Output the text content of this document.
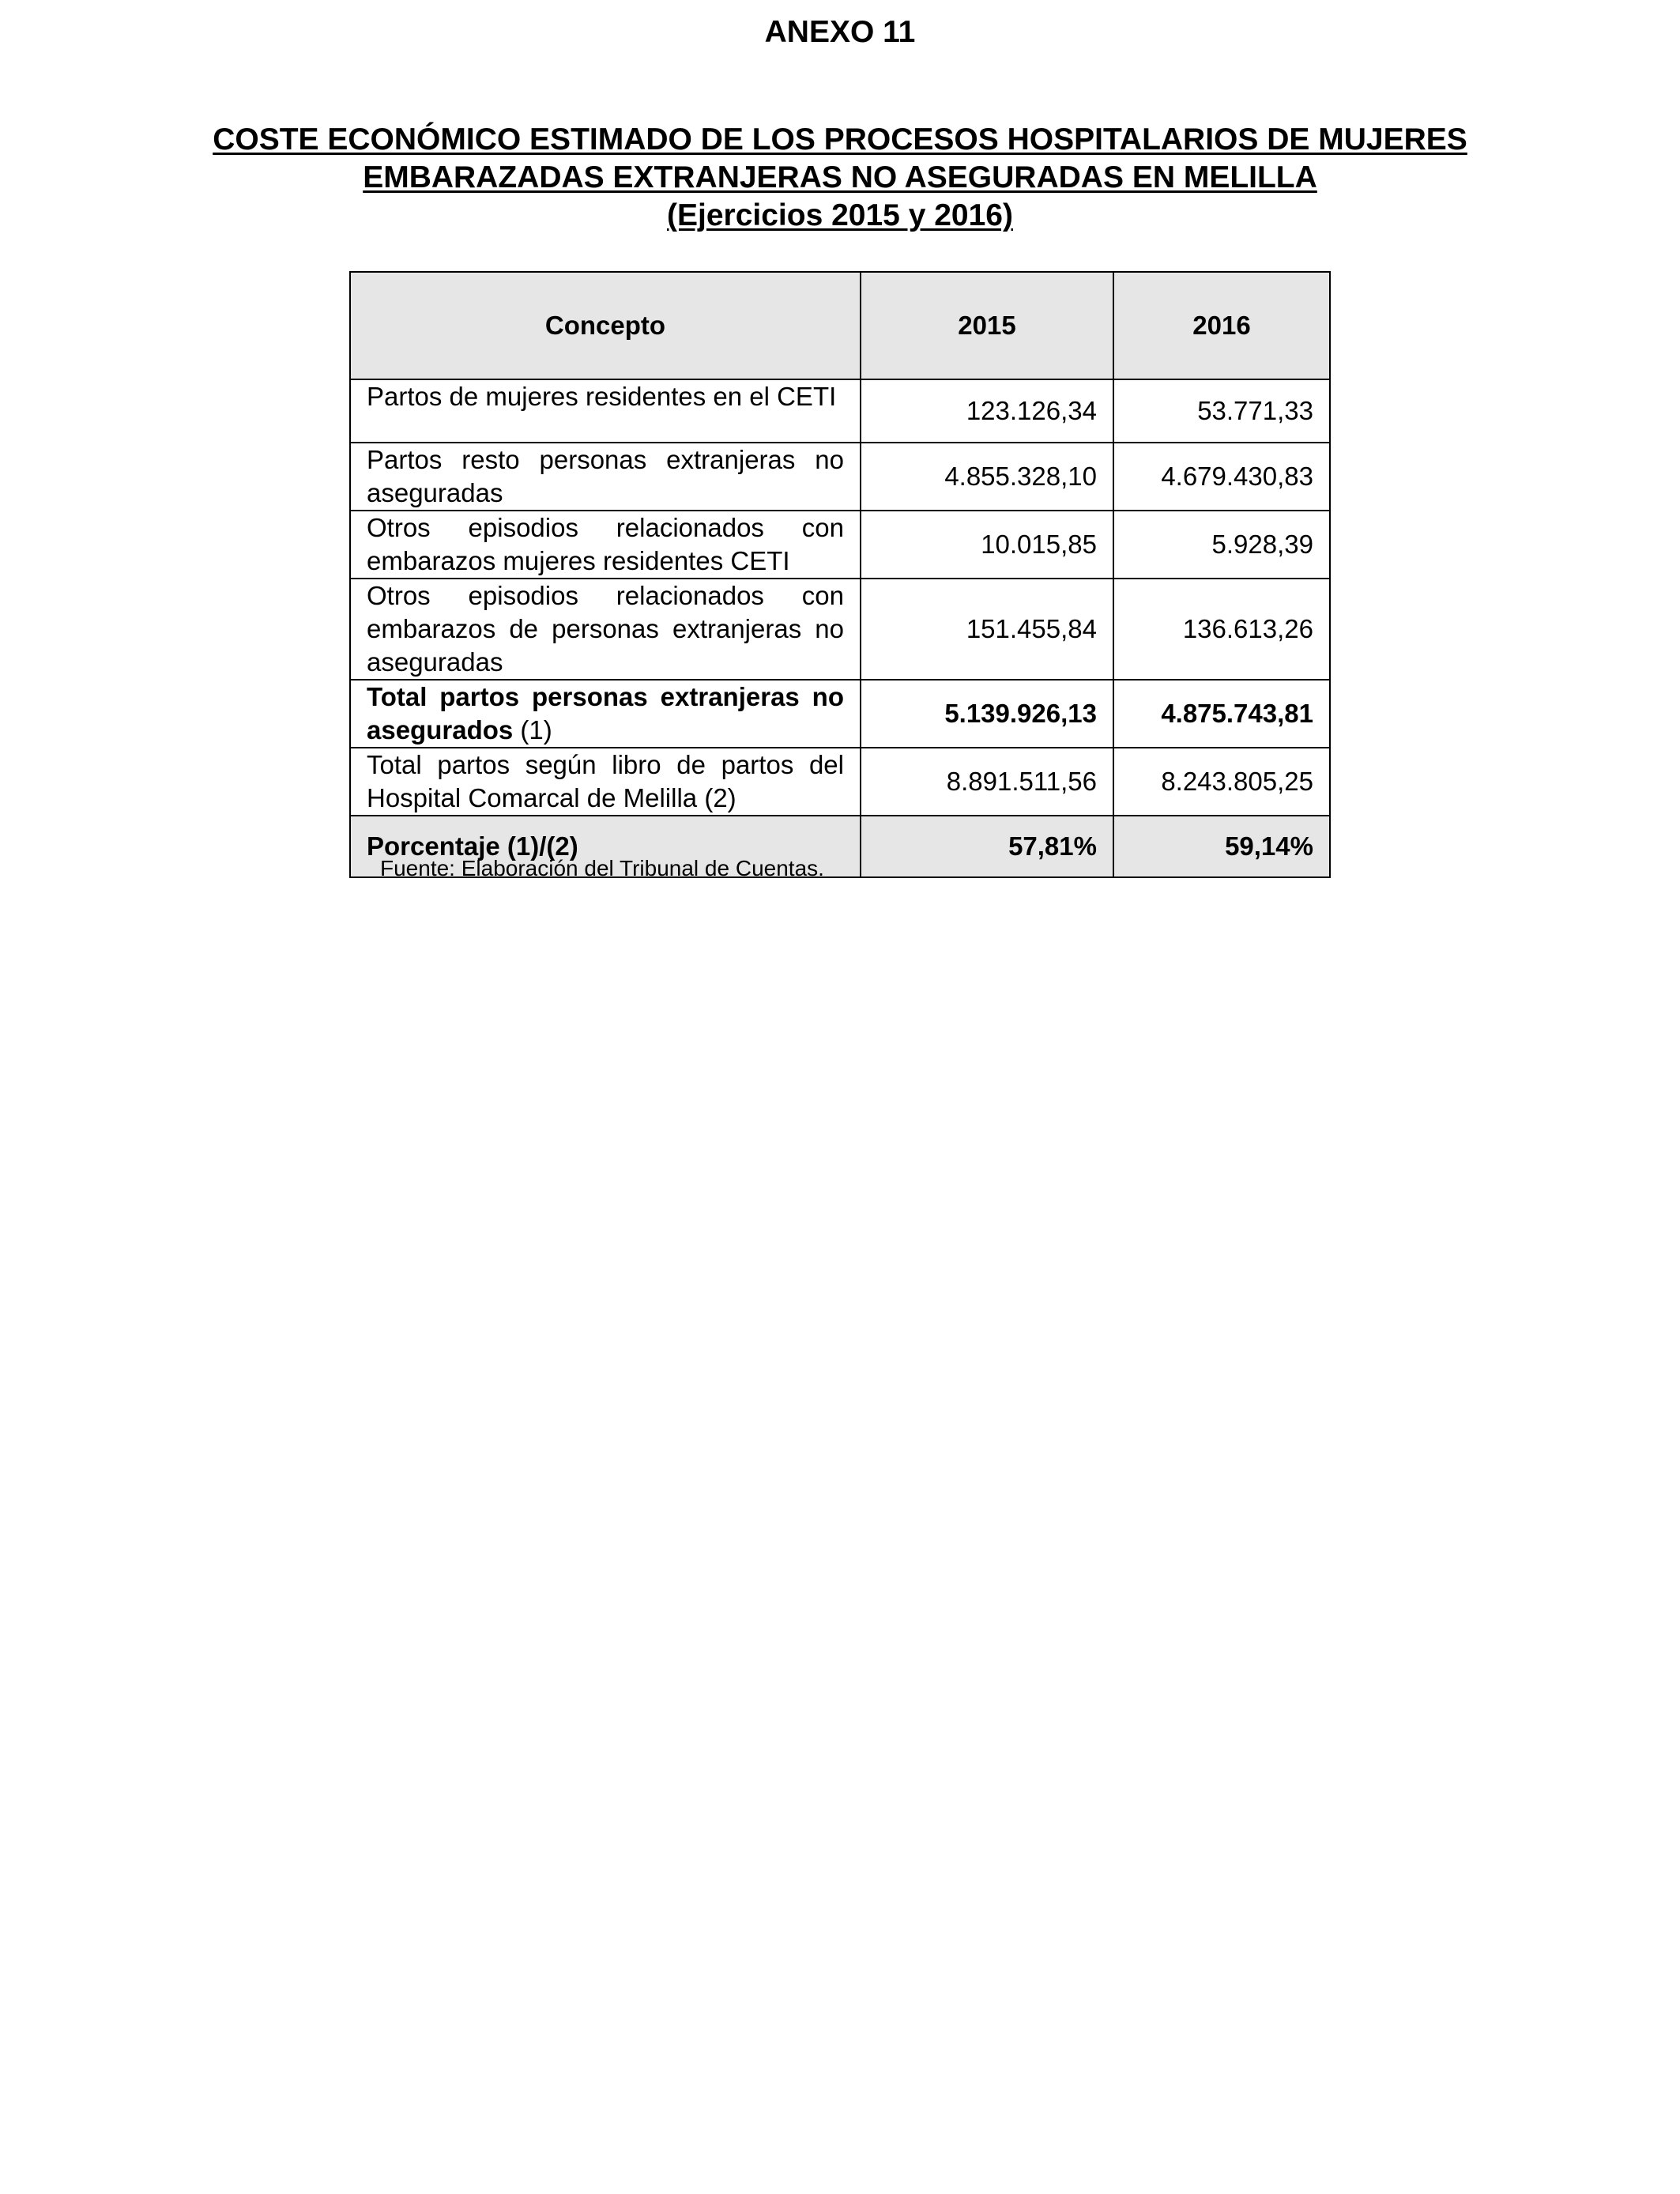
ANEXO 11
COSTE ECONÓMICO ESTIMADO DE LOS PROCESOS HOSPITALARIOS DE MUJERES
EMBARAZADAS EXTRANJERAS NO ASEGURADAS EN MELILLA
(Ejercicios 2015 y 2016)
Concepto	2015	2016
Partos de mujeres residentes en el CETI	123.126,34	53.771,33
Partos resto personas extranjeras no aseguradas	4.855.328,10	4.679.430,83
Otros episodios relacionados con embarazos mujeres residentes CETI	10.015,85	5.928,39
Otros episodios relacionados con embarazos de personas extranjeras no aseguradas	151.455,84	136.613,26
Total partos personas extranjeras no asegurados (1)	5.139.926,13	4.875.743,81
Total partos según libro de partos del Hospital Comarcal de Melilla (2)	8.891.511,56	8.243.805,25
Porcentaje (1)/(2)	57,81%	59,14%
Fuente: Elaboración del Tribunal de Cuentas.
